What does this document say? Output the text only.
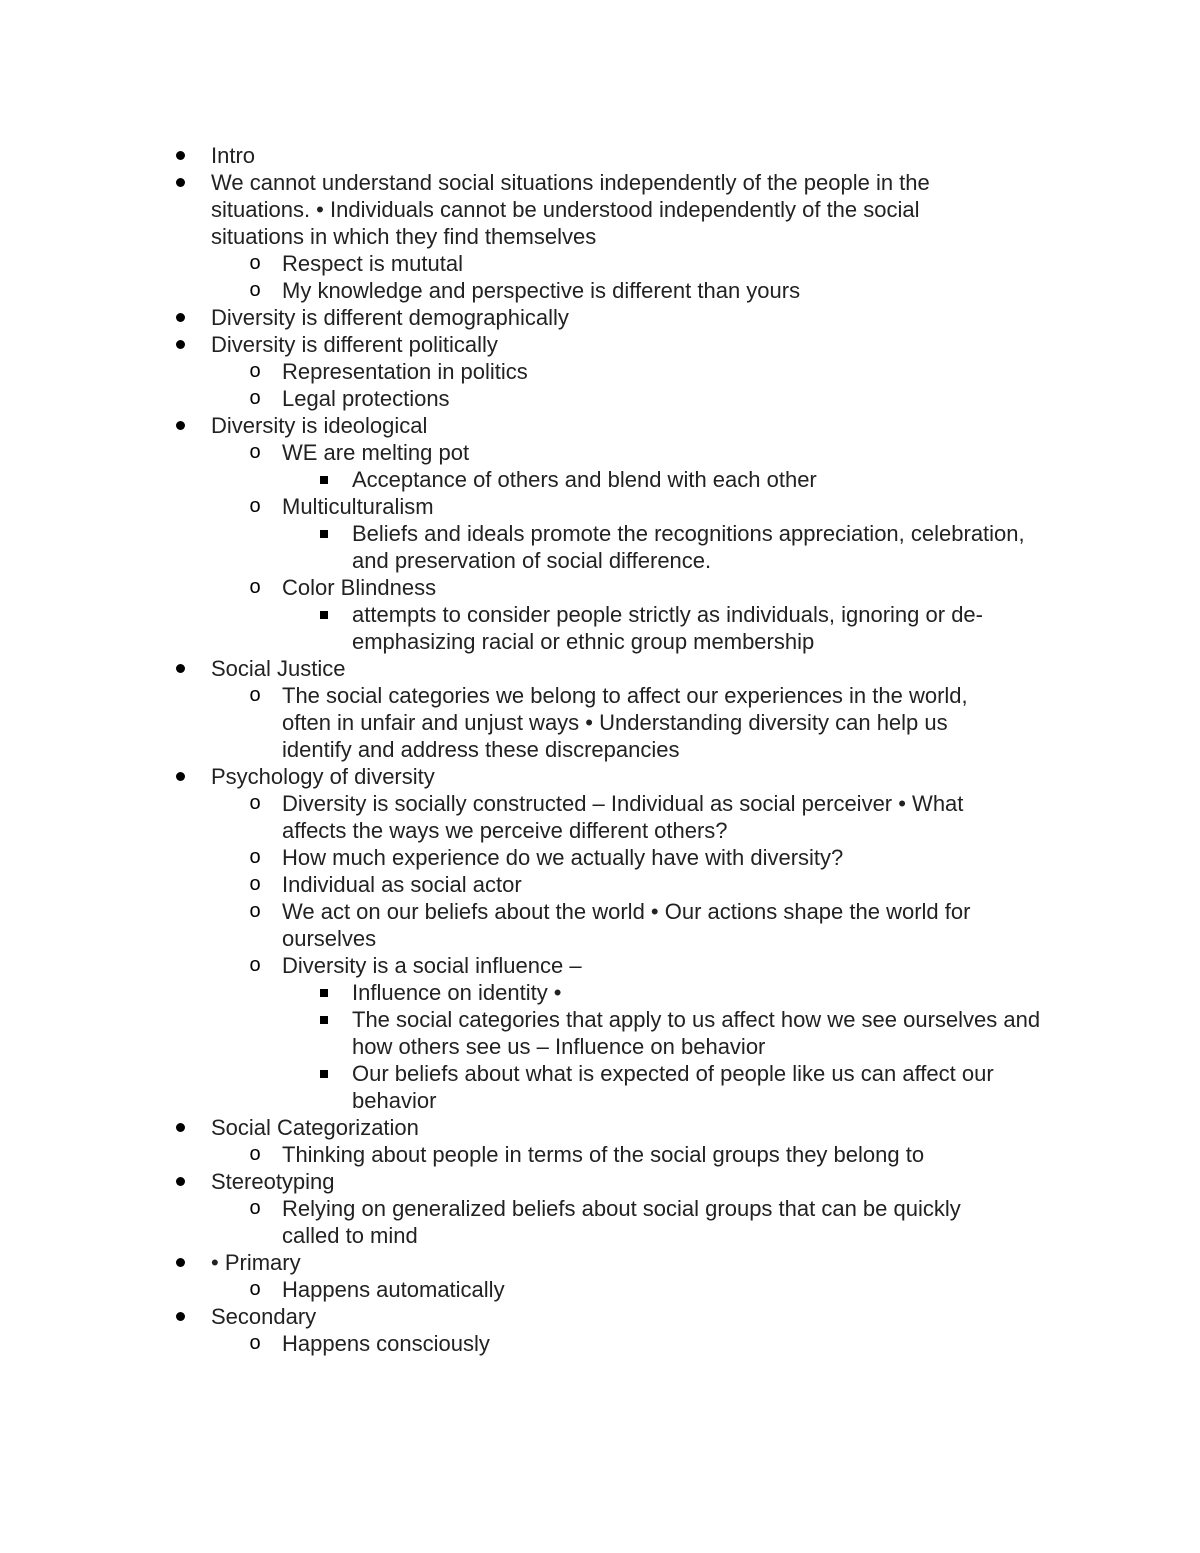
Intro
We cannot understand social situations independently of the people in the situations. • Individuals cannot be understood independently of the social situations in which they find themselves
o Respect is mututal
o My knowledge and perspective is different than yours
Diversity is different demographically
Diversity is different politically
o Representation in politics
o Legal protections
Diversity is ideological
o WE are melting pot
Acceptance of others and blend with each other
o Multiculturalism
Beliefs and ideals promote the recognitions appreciation, celebration, and preservation of social difference.
o Color Blindness
attempts to consider people strictly as individuals, ignoring or de-emphasizing racial or ethnic group membership
Social Justice
o The social categories we belong to affect our experiences in the world, often in unfair and unjust ways • Understanding diversity can help us identify and address these discrepancies
Psychology of diversity
o Diversity is socially constructed – Individual as social perceiver • What affects the ways we perceive different others?
o How much experience do we actually have with diversity?
o Individual as social actor
o We act on our beliefs about the world • Our actions shape the world for ourselves
o Diversity is a social influence –
Influence on identity •
The social categories that apply to us affect how we see ourselves and how others see us – Influence on behavior
Our beliefs about what is expected of people like us can affect our behavior
Social Categorization
o Thinking about people in terms of the social groups they belong to
Stereotyping
o Relying on generalized beliefs about social groups that can be quickly called to mind
• Primary
o Happens automatically
Secondary
o Happens consciously
